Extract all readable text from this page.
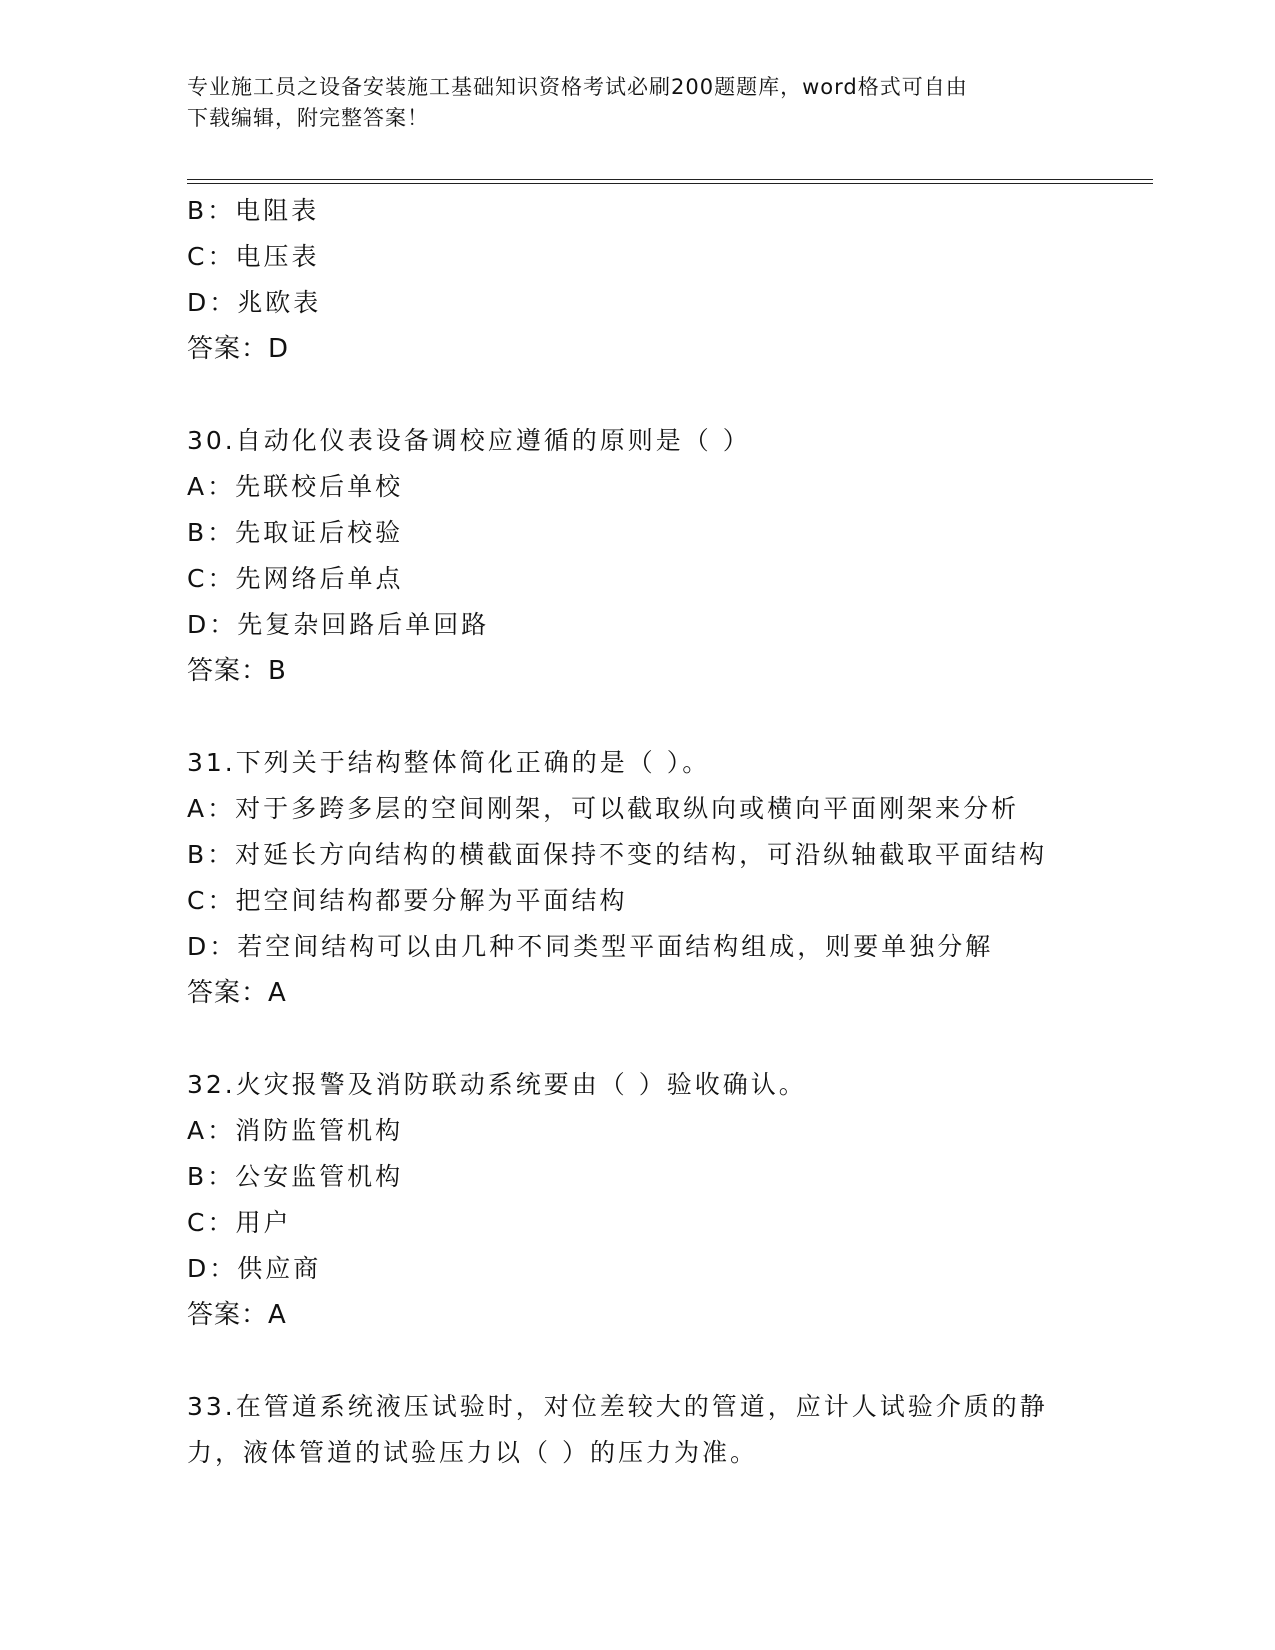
专业施工员之设备安装施工基础知识资格考试必刷200题题库，word格式可自由
下载编辑，附完整答案！
B：电阻表
C：电压表
D：兆欧表
答案：D
30.自动化仪表设备调校应遵循的原则是（ ）
A：先联校后单校
B：先取证后校验
C：先网络后单点
D：先复杂回路后单回路
答案：B
31.下列关于结构整体简化正确的是（ ）。
A：对于多跨多层的空间刚架，可以截取纵向或横向平面刚架来分析
B：对延长方向结构的横截面保持不变的结构，可沿纵轴截取平面结构
C：把空间结构都要分解为平面结构
D：若空间结构可以由几种不同类型平面结构组成，则要单独分解
答案：A
32.火灾报警及消防联动系统要由（ ）验收确认。
A：消防监管机构
B：公安监管机构
C：用户
D：供应商
答案：A
33.在管道系统液压试验时，对位差较大的管道，应计人试验介质的静
力，液体管道的试验压力以（ ）的压力为准。
